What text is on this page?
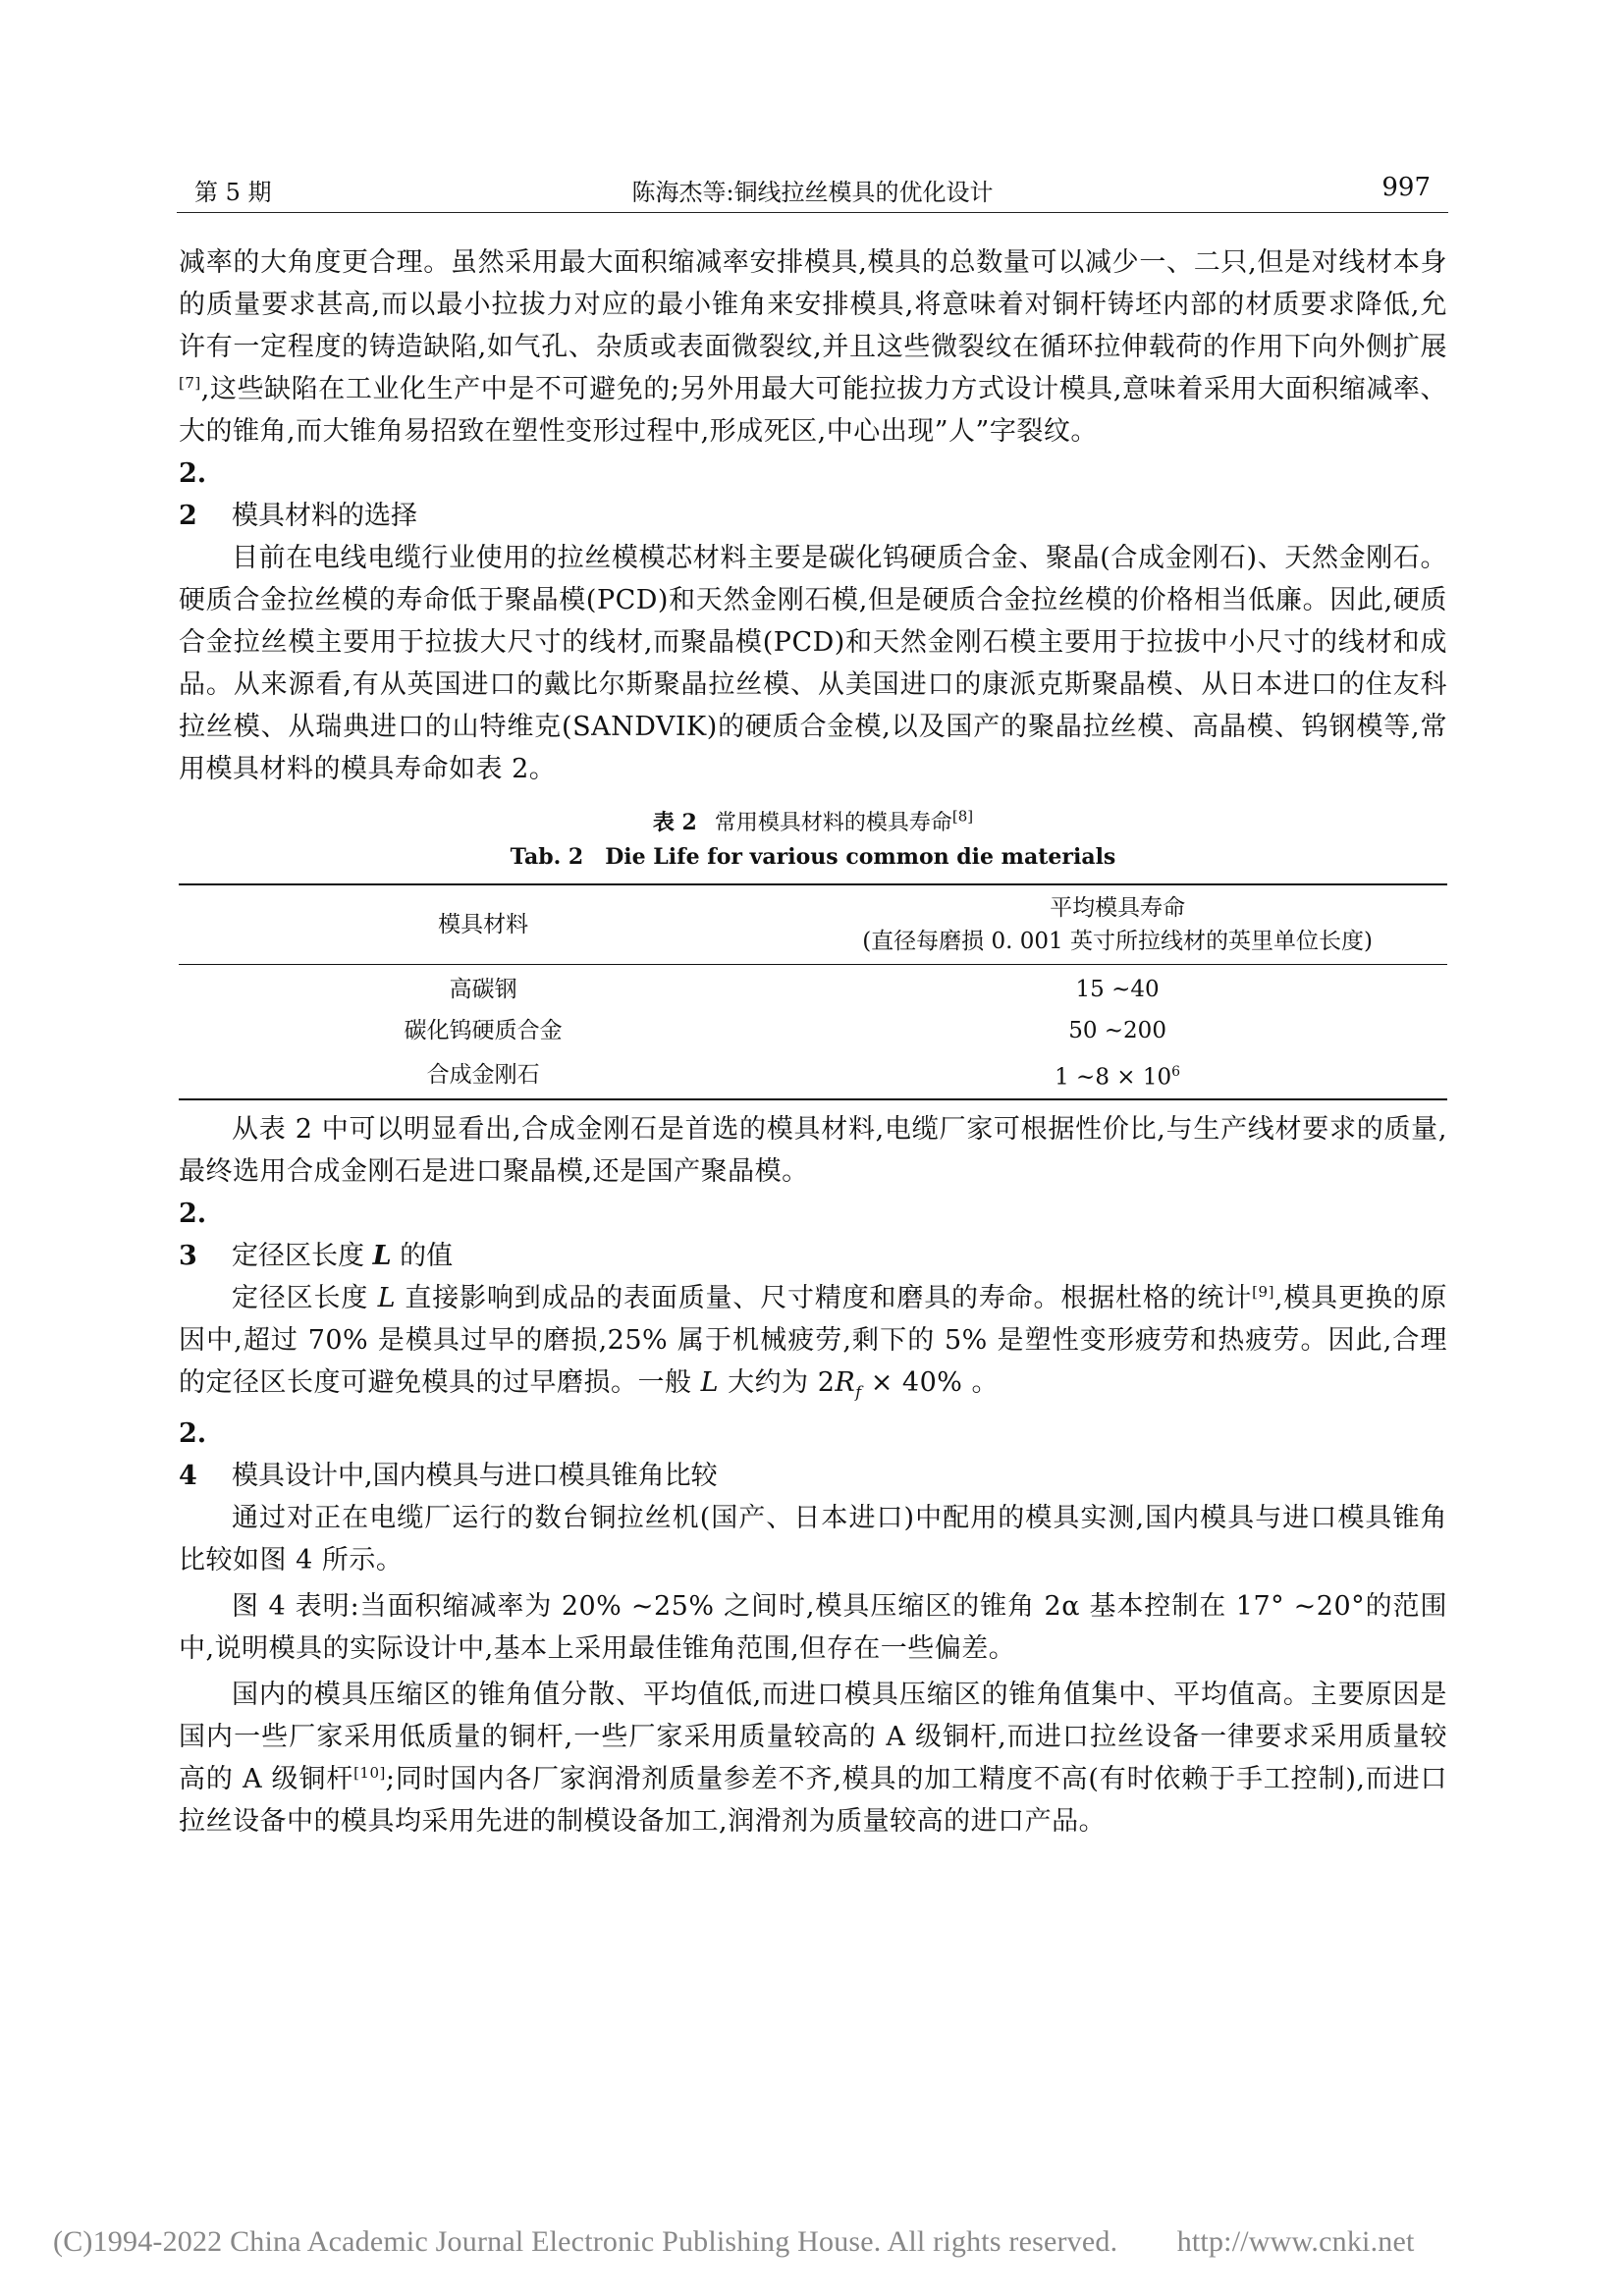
第 5 期	陈海杰等:铜线拉丝模具的优化设计	997

减率的大角度更合理。虽然采用最大面积缩减率安排模具,模具的总数量可以减少一、二只,但是对线材本身的质量要求甚高,而以最小拉拔力对应的最小锥角来安排模具,将意味着对铜杆铸坯内部的材质要求降低,允许有一定程度的铸造缺陷,如气孔、杂质或表面微裂纹,并且这些微裂纹在循环拉伸载荷的作用下向外侧扩展[7],这些缺陷在工业化生产中是不可避免的;另外用最大可能拉拔力方式设计模具,意味着采用大面积缩减率、大的锥角,而大锥角易招致在塑性变形过程中,形成死区,中心出现”人”字裂纹。

2. 2 模具材料的选择

目前在电线电缆行业使用的拉丝模模芯材料主要是碳化钨硬质合金、聚晶(合成金刚石)、天然金刚石。硬质合金拉丝模的寿命低于聚晶模(PCD)和天然金刚石模,但是硬质合金拉丝模的价格相当低廉。因此,硬质合金拉丝模主要用于拉拔大尺寸的线材,而聚晶模(PCD)和天然金刚石模主要用于拉拔中小尺寸的线材和成品。从来源看,有从英国进口的戴比尔斯聚晶拉丝模、从美国进口的康派克斯聚晶模、从日本进口的住友科拉丝模、从瑞典进口的山特维克(SANDVIK)的硬质合金模,以及国产的聚晶拉丝模、高晶模、钨钢模等,常用模具材料的模具寿命如表 2。

表 2 常用模具材料的模具寿命[8]
Tab. 2　Die Life for various common die materials
模具材料	平均模具寿命
(直径每磨损 0. 001 英寸所拉线材的英里单位长度)
高碳钢	15 ~40
碳化钨硬质合金	50 ~200
合成金刚石	1 ~8 × $10^6$

从表 2 中可以明显看出,合成金刚石是首选的模具材料,电缆厂家可根据性价比,与生产线材要求的质量,最终选用合成金刚石是进口聚晶模,还是国产聚晶模。

2. 3 定径区长度 L 的值

定径区长度 L 直接影响到成品的表面质量、尺寸精度和磨具的寿命。根据杜格的统计[9],模具更换的原因中,超过 70% 是模具过早的磨损,25% 属于机械疲劳,剩下的 5% 是塑性变形疲劳和热疲劳。因此,合理的定径区长度可避免模具的过早磨损。一般 L 大约为 $2R_f \times 40\%$ 。

2. 4 模具设计中,国内模具与进口模具锥角比较

通过对正在电缆厂运行的数台铜拉丝机(国产、日本进口)中配用的模具实测,国内模具与进口模具锥角比较如图 4 所示。

图 4 表明:当面积缩减率为 20% ~25% 之间时,模具压缩区的锥角 2α 基本控制在 17° ~20°的范围中,说明模具的实际设计中,基本上采用最佳锥角范围,但存在一些偏差。

国内的模具压缩区的锥角值分散、平均值低,而进口模具压缩区的锥角值集中、平均值高。主要原因是国内一些厂家采用低质量的铜杆,一些厂家采用质量较高的 A 级铜杆,而进口拉丝设备一律要求采用质量较高的 A 级铜杆[10];同时国内各厂家润滑剂质量参差不齐,模具的加工精度不高(有时依赖于手工控制),而进口拉丝设备中的模具均采用先进的制模设备加工,润滑剂为质量较高的进口产品。

(C)1994-2022 China Academic Journal Electronic Publishing House. All rights reserved.　　http://www.cnki.net
